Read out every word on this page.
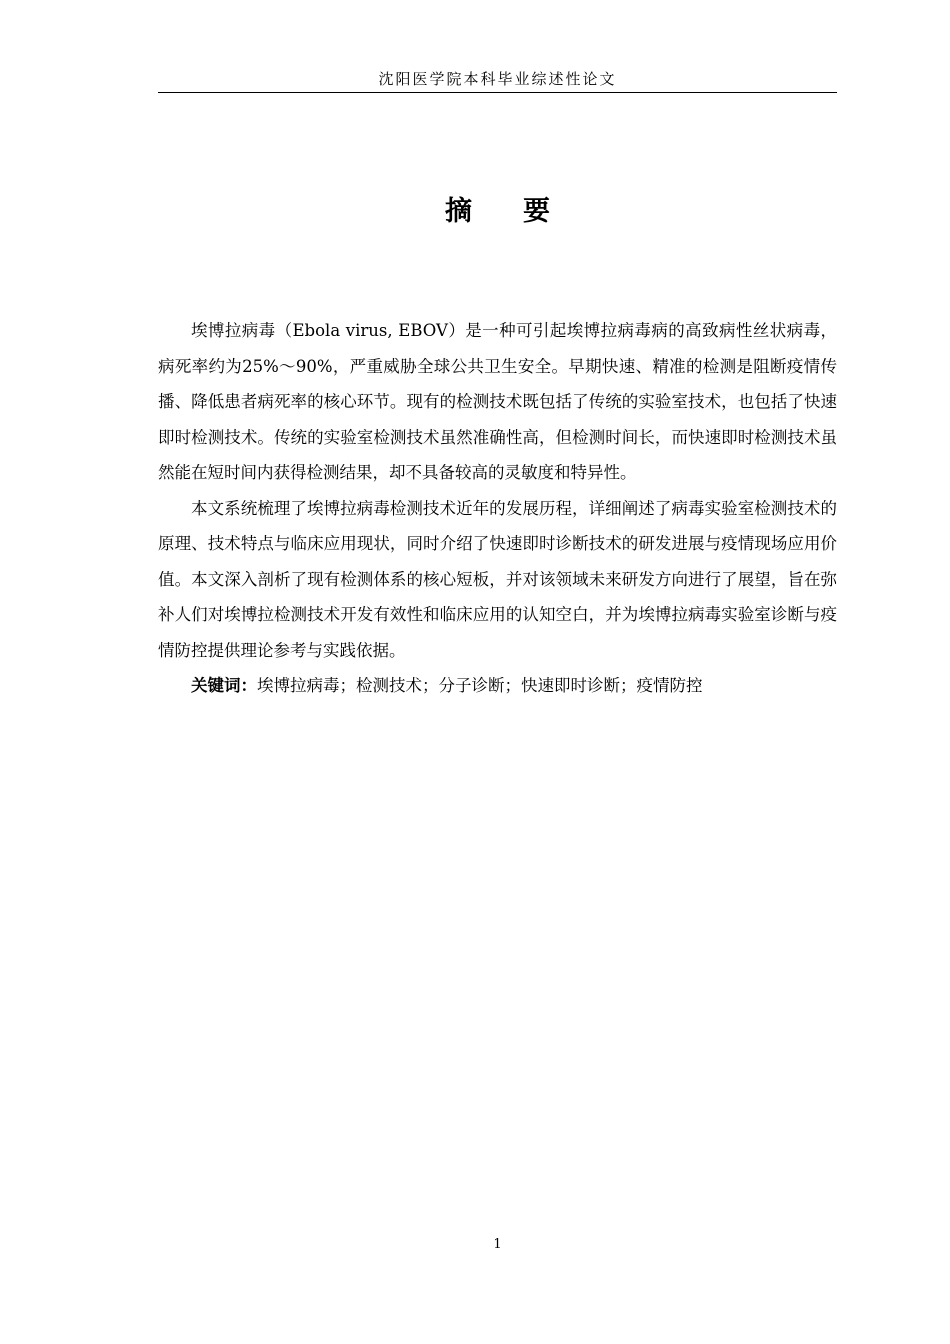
沈阳医学院本科毕业综述性论文
摘　要

埃博拉病毒（Ebola virus, EBOV）是一种可引起埃博拉病毒病的高致病性丝状病毒，病死率约为25%～90%，严重威胁全球公共卫生安全。早期快速、精准的检测是阻断疫情传播、降低患者病死率的核心环节。现有的检测技术既包括了传统的实验室技术，也包括了快速即时检测技术。传统的实验室检测技术虽然准确性高，但检测时间长，而快速即时检测技术虽然能在短时间内获得检测结果，却不具备较高的灵敏度和特异性。

本文系统梳理了埃博拉病毒检测技术近年的发展历程，详细阐述了病毒实验室检测技术的原理、技术特点与临床应用现状，同时介绍了快速即时诊断技术的研发进展与疫情现场应用价值。本文深入剖析了现有检测体系的核心短板，并对该领域未来研发方向进行了展望，旨在弥补人们对埃博拉检测技术开发有效性和临床应用的认知空白，并为埃博拉病毒实验室诊断与疫情防控提供理论参考与实践依据。

关键词：埃博拉病毒；检测技术；分子诊断；快速即时诊断；疫情防控

1
